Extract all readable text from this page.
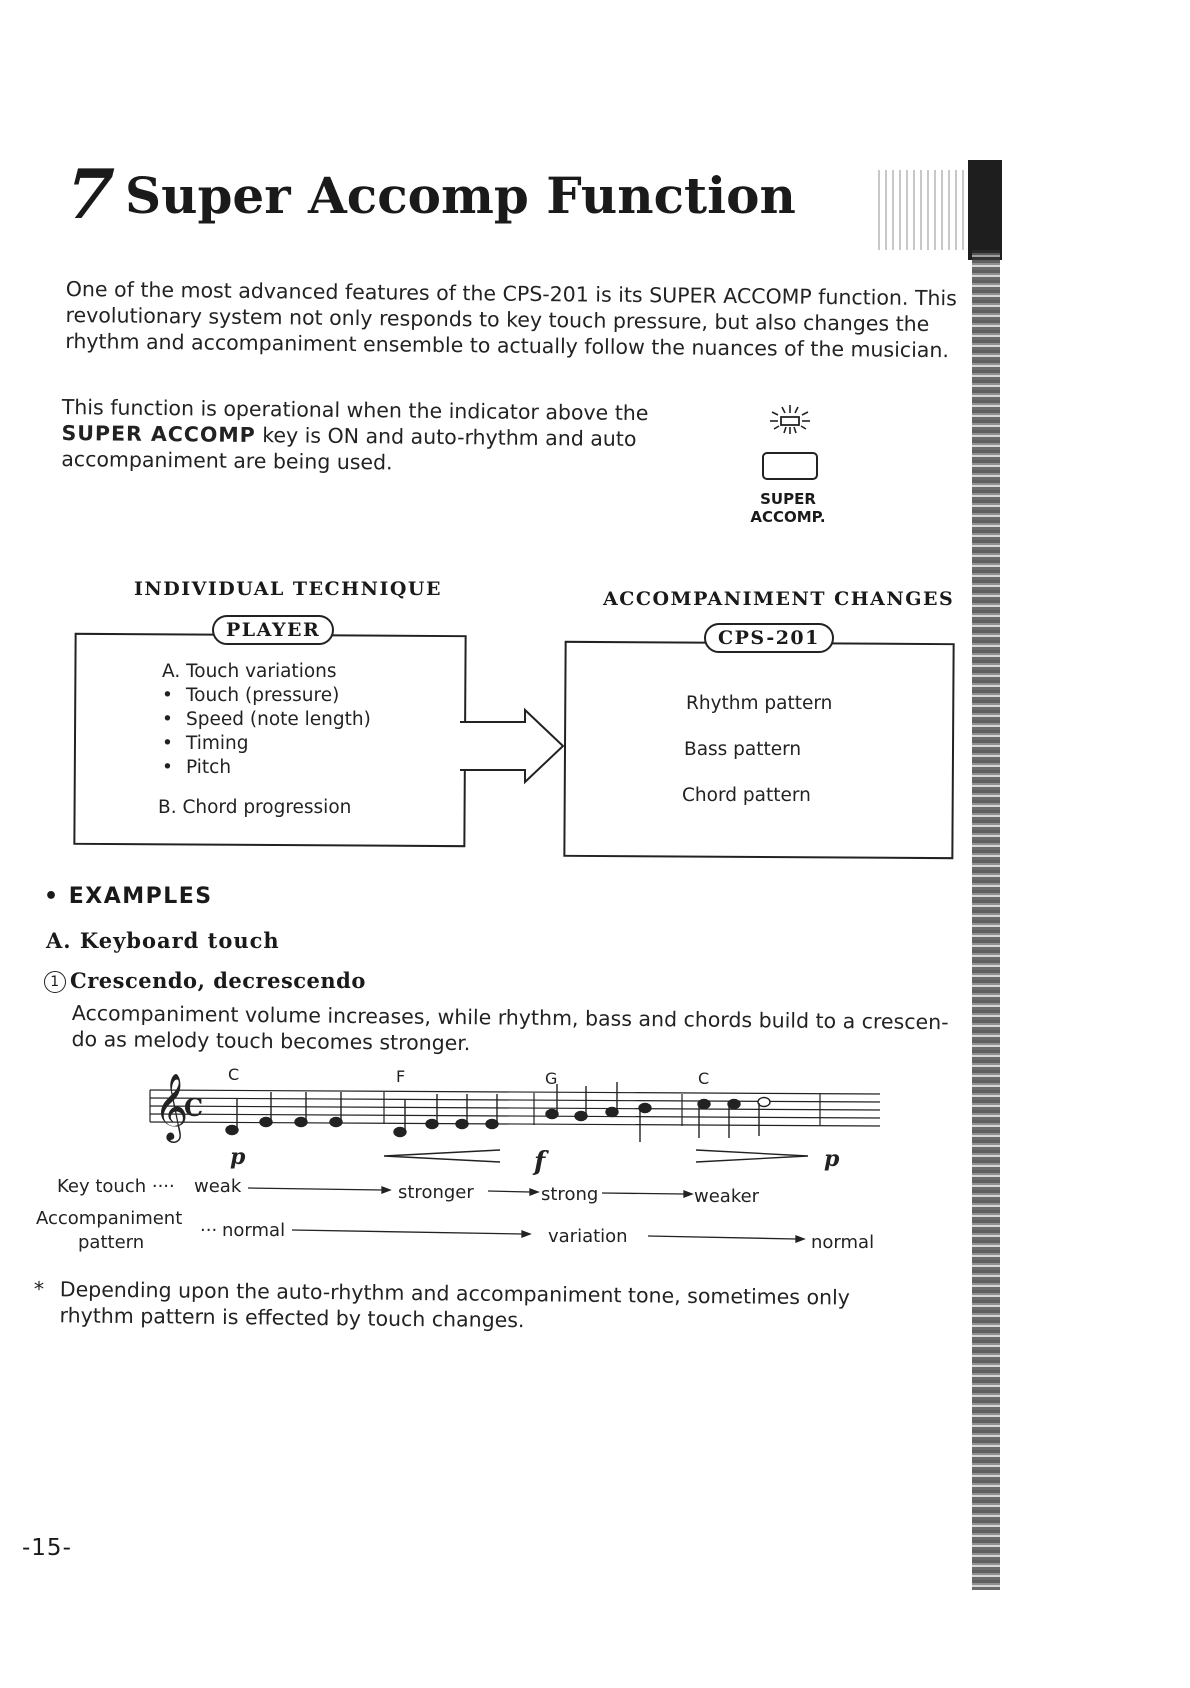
7 Super Accomp Function
One of the most advanced features of the CPS-201 is its SUPER ACCOMP function. This revolutionary system not only responds to key touch pressure, but also changes the rhythm and accompaniment ensemble to actually follow the nuances of the musician.
This function is operational when the indicator above the SUPER ACCOMP key is ON and auto-rhythm and auto accompaniment are being used.
SUPER
ACCOMP.
INDIVIDUAL TECHNIQUE	ACCOMPANIMENT CHANGES
PLAYER
A. Touch variations
• Touch (pressure)
• Speed (note length)
• Timing
• Pitch
B. Chord progression
CPS-201
Rhythm pattern
Bass pattern
Chord pattern
• EXAMPLES
A. Keyboard touch
1 Crescendo, decrescendo
Accompaniment volume increases, while rhythm, bass and chords build to a crescen-do as melody touch becomes stronger.
𝄞
C
C	F	G	C
p	f	p
Key touch ···· weak	stronger	strong	weaker
Accompaniment
pattern
··· normal	variation	normal
* Depending upon the auto-rhythm and accompaniment tone, sometimes only rhythm pattern is effected by touch changes.
-15-
